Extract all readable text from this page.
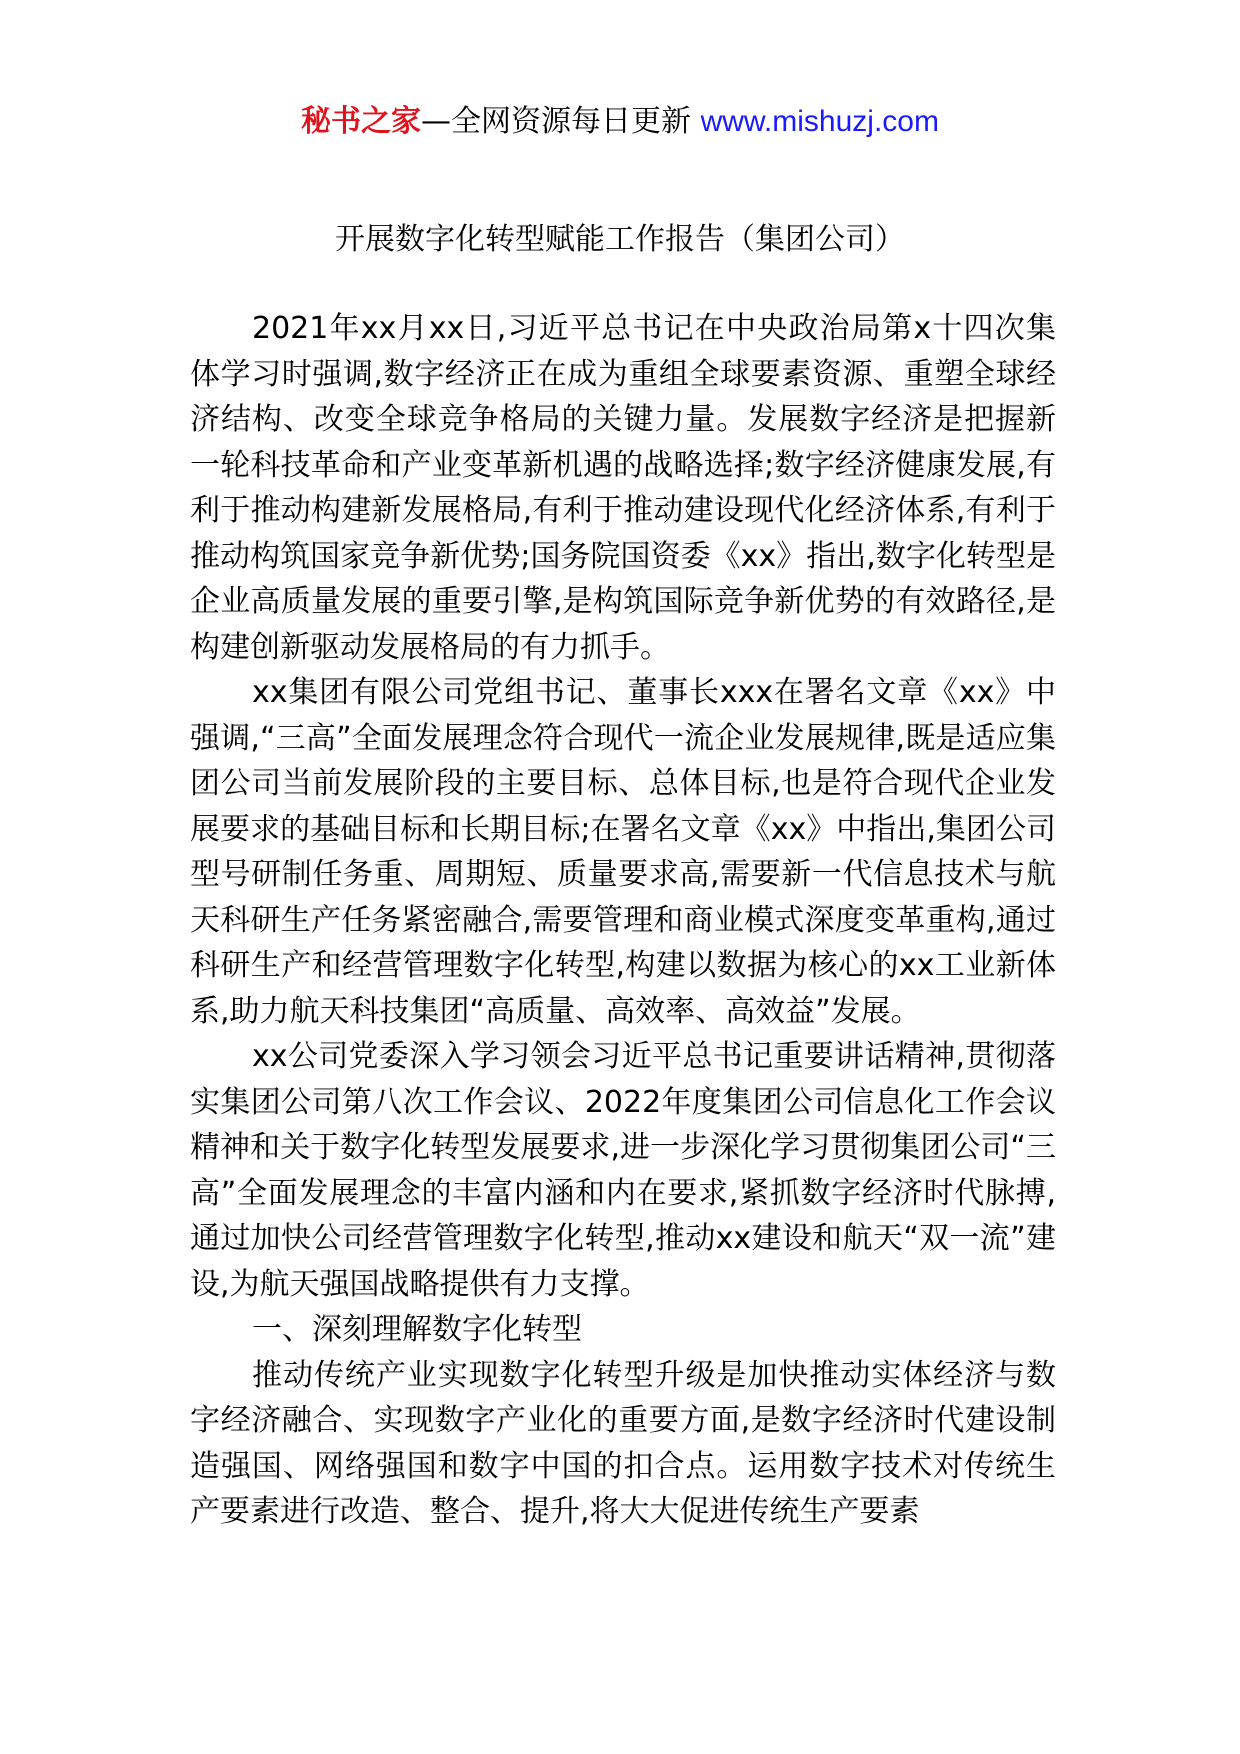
秘书之家—全网资源每日更新 www.mishuzj.com
开展数字化转型赋能工作报告（集团公司）

2021年xx月xx日,习近平总书记在中央政治局第x十四次集体学习时强调,数字经济正在成为重组全球要素资源、重塑全球经济结构、改变全球竞争格局的关键力量。发展数字经济是把握新一轮科技革命和产业变革新机遇的战略选择;数字经济健康发展,有利于推动构建新发展格局,有利于推动建设现代化经济体系,有利于推动构筑国家竞争新优势;国务院国资委《xx》指出,数字化转型是企业高质量发展的重要引擎,是构筑国际竞争新优势的有效路径,是构建创新驱动发展格局的有力抓手。

xx集团有限公司党组书记、董事长xxx在署名文章《xx》中强调,“三高”全面发展理念符合现代一流企业发展规律,既是适应集团公司当前发展阶段的主要目标、总体目标,也是符合现代企业发展要求的基础目标和长期目标;在署名文章《xx》中指出,集团公司型号研制任务重、周期短、质量要求高,需要新一代信息技术与航天科研生产任务紧密融合,需要管理和商业模式深度变革重构,通过科研生产和经营管理数字化转型,构建以数据为核心的xx工业新体系,助力航天科技集团“高质量、高效率、高效益”发展。

xx公司党委深入学习领会习近平总书记重要讲话精神,贯彻落实集团公司第八次工作会议、2022年度集团公司信息化工作会议精神和关于数字化转型发展要求,进一步深化学习贯彻集团公司“三高”全面发展理念的丰富内涵和内在要求,紧抓数字经济时代脉搏,通过加快公司经营管理数字化转型,推动xx建设和航天“双一流”建设,为航天强国战略提供有力支撑。

一、深刻理解数字化转型

推动传统产业实现数字化转型升级是加快推动实体经济与数字经济融合、实现数字产业化的重要方面,是数字经济时代建设制造强国、网络强国和数字中国的扣合点。运用数字技术对传统生产要素进行改造、整合、提升,将大大促进传统生产要素
